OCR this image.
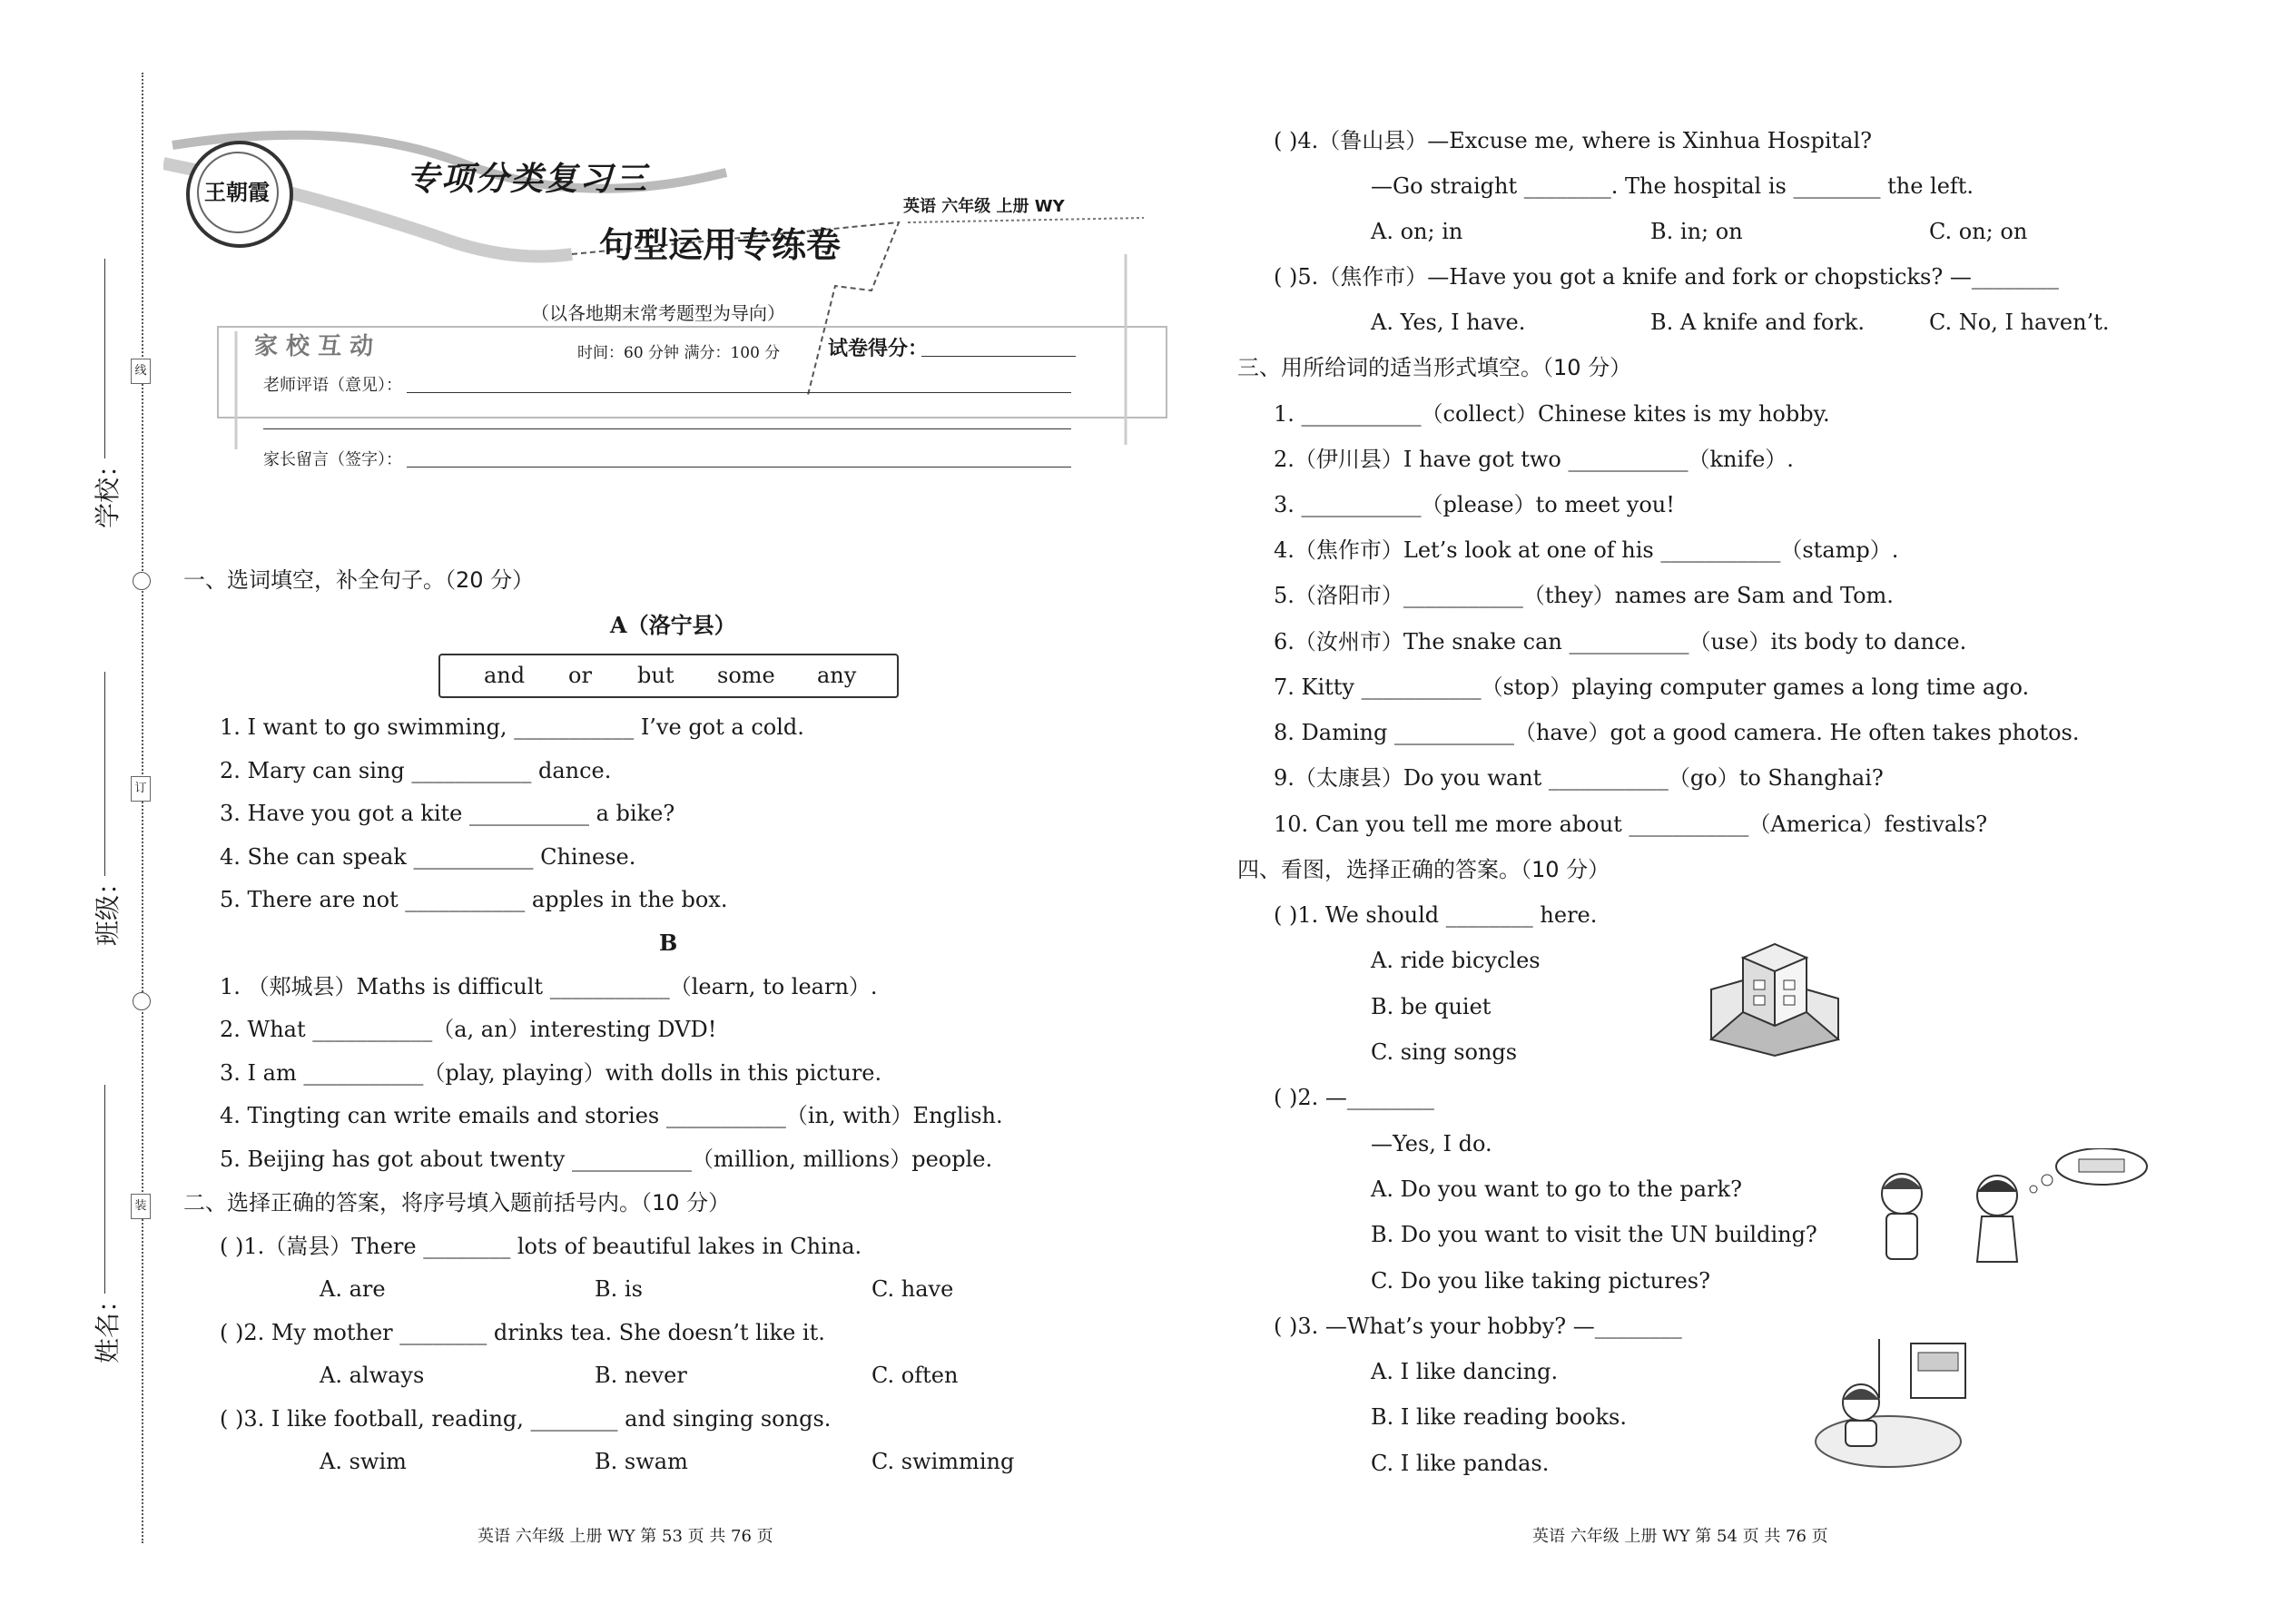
线
订
装
学校：
班级：
姓名：
王朝霞	专项分类复习三
英语 六年级 上册 WY
句型运用专练卷
（以各地期末常考题型为导向）
家 校 互 动	时间：60 分钟 满分：100 分 试卷得分：
老师评语（意见）：
家长留言（签字）：
一、选词填空，补全句子。（20 分）
A（洛宁县）
and or but some any
1. I want to go swimming, ___________ I’ve got a cold.
2. Mary can sing ___________ dance.
3. Have you got a kite ___________ a bike?
4. She can speak ___________ Chinese.
5. There are not ___________ apples in the box.
B
1. （郏城县）Maths is difficult ___________（learn, to learn）.
2. What ___________（a, an）interesting DVD!
3. I am ___________（play, playing）with dolls in this picture.
4. Tingting can write emails and stories ___________（in, with）English.
5. Beijing has got about twenty ___________（million, millions）people.
二、选择正确的答案，将序号填入题前括号内。（10 分）
( )1.（嵩县）There ________ lots of beautiful lakes in China.
A. are	B. is	C. have
( )2. My mother ________ drinks tea. She doesn’t like it.
A. always	B. never	C. often
( )3. I like football, reading, ________ and singing songs.
A. swim	B. swam	C. swimming
英语 六年级 上册 WY 第 53 页 共 76 页
( )4.（鲁山县）—Excuse me, where is Xinhua Hospital?
—Go straight ________. The hospital is ________ the left.
A. on; in	B. in; on	C. on; on
( )5.（焦作市）—Have you got a knife and fork or chopsticks? —________
A. Yes, I have.	B. A knife and fork.	C. No, I haven’t.
三、用所给词的适当形式填空。（10 分）
1. ___________（collect）Chinese kites is my hobby.
2.（伊川县）I have got two ___________（knife）.
3. ___________（please）to meet you!
4.（焦作市）Let’s look at one of his ___________（stamp）.
5.（洛阳市）___________（they）names are Sam and Tom.
6.（汝州市）The snake can ___________（use）its body to dance.
7. Kitty ___________（stop）playing computer games a long time ago.
8. Daming ___________（have）got a good camera. He often takes photos.
9.（太康县）Do you want ___________（go）to Shanghai?
10. Can you tell me more about ___________（America）festivals?
四、看图，选择正确的答案。（10 分）
( )1. We should ________ here.
A. ride bicycles
B. be quiet
C. sing songs
( )2. —________
—Yes, I do.
A. Do you want to go to the park?
B. Do you want to visit the UN building?
C. Do you like taking pictures?
( )3. —What’s your hobby? —________
A. I like dancing.
B. I like reading books.
C. I like pandas.
英语 六年级 上册 WY 第 54 页 共 76 页
